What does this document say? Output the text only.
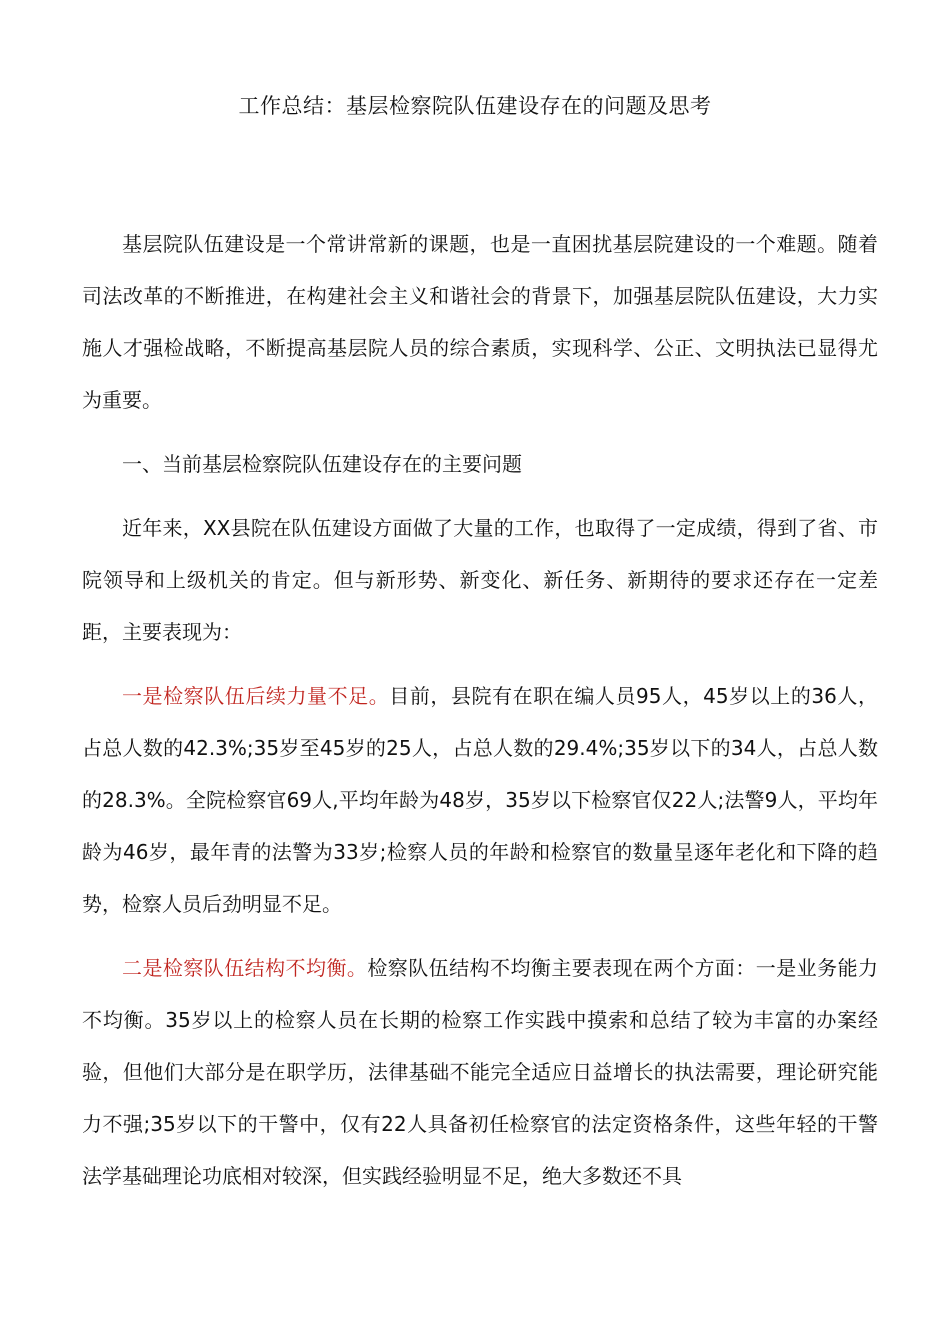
工作总结：基层检察院队伍建设存在的问题及思考

基层院队伍建设是一个常讲常新的课题，也是一直困扰基层院建设的一个难题。随着司法改革的不断推进，在构建社会主义和谐社会的背景下，加强基层院队伍建设，大力实施人才强检战略，不断提高基层院人员的综合素质，实现科学、公正、文明执法已显得尤为重要。

一、当前基层检察院队伍建设存在的主要问题

近年来，XX县院在队伍建设方面做了大量的工作，也取得了一定成绩，得到了省、市院领导和上级机关的肯定。但与新形势、新变化、新任务、新期待的要求还存在一定差距，主要表现为：

一是检察队伍后续力量不足。目前，县院有在职在编人员95人，45岁以上的36人，占总人数的42.3%;35岁至45岁的25人，占总人数的29.4%;35岁以下的34人，占总人数的28.3%。全院检察官69人,平均年龄为48岁，35岁以下检察官仅22人;法警9人，平均年龄为46岁，最年青的法警为33岁;检察人员的年龄和检察官的数量呈逐年老化和下降的趋势，检察人员后劲明显不足。

二是检察队伍结构不均衡。检察队伍结构不均衡主要表现在两个方面：一是业务能力不均衡。35岁以上的检察人员在长期的检察工作实践中摸索和总结了较为丰富的办案经验，但他们大部分是在职学历，法律基础不能完全适应日益增长的执法需要，理论研究能力不强;35岁以下的干警中，仅有22人具备初任检察官的法定资格条件，这些年轻的干警法学基础理论功底相对较深，但实践经验明显不足，绝大多数还不具
